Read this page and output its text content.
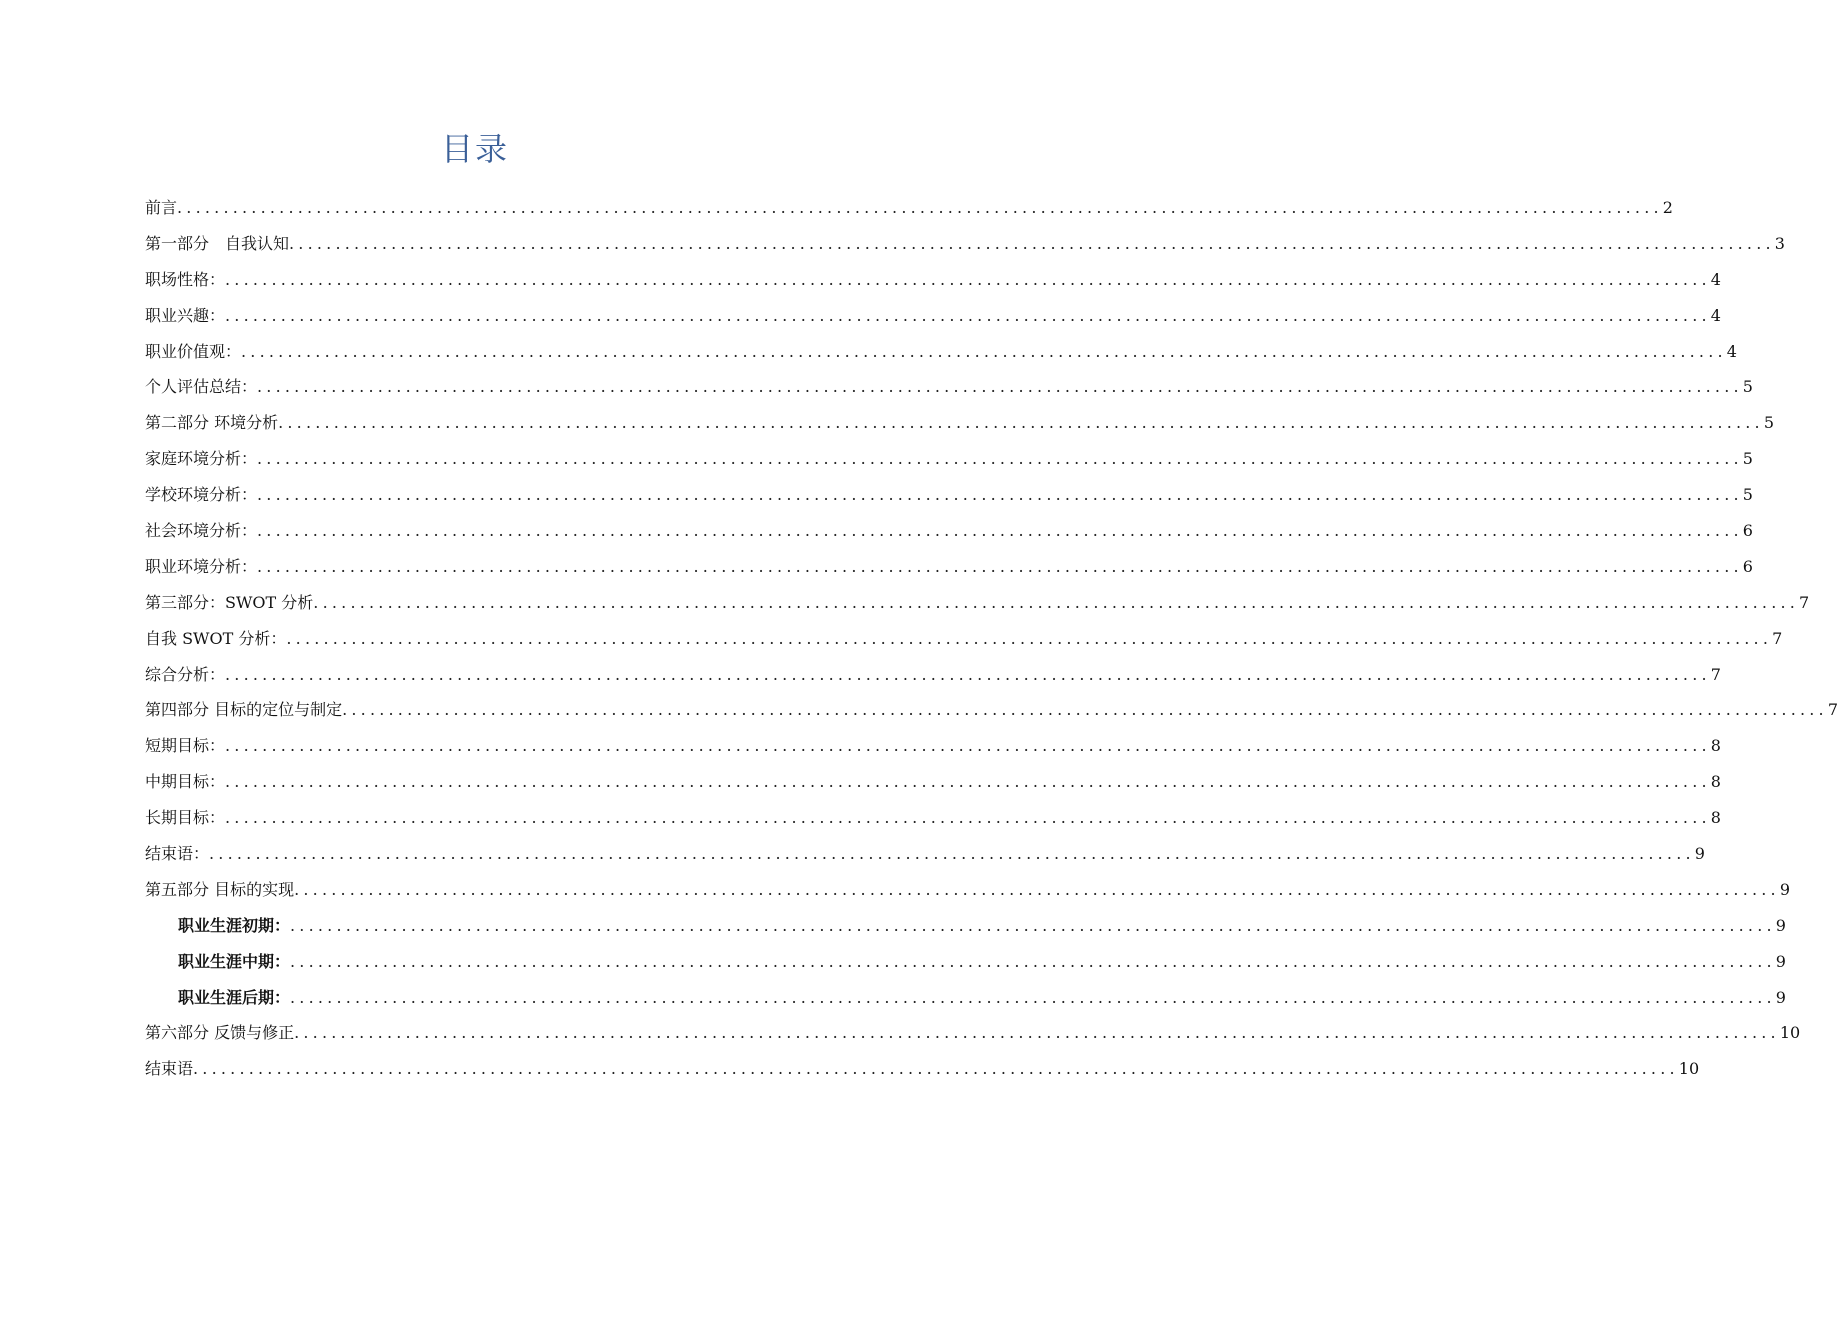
目录
前言 ................................................................................................................................................................ 2
第一部分　自我认知 ................................................................................................................................................................ 3
职场性格： ................................................................................................................................................................ 4
职业兴趣： ................................................................................................................................................................ 4
职业价值观： ................................................................................................................................................................ 4
个人评估总结： ................................................................................................................................................................ 5
第二部分 环境分析 ................................................................................................................................................................ 5
家庭环境分析： ................................................................................................................................................................ 5
学校环境分析： ................................................................................................................................................................ 5
社会环境分析： ................................................................................................................................................................ 6
职业环境分析： ................................................................................................................................................................ 6
第三部分：SWOT 分析 ................................................................................................................................................................ 7
自我 SWOT 分析： ................................................................................................................................................................ 7
综合分析： ................................................................................................................................................................ 7
第四部分 目标的定位与制定 ................................................................................................................................................................ 7
短期目标： ................................................................................................................................................................ 8
中期目标： ................................................................................................................................................................ 8
长期目标： ................................................................................................................................................................ 8
结束语： ................................................................................................................................................................ 9
第五部分 目标的实现 ................................................................................................................................................................ 9
职业生涯初期： ................................................................................................................................................................ 9
职业生涯中期： ................................................................................................................................................................ 9
职业生涯后期： ................................................................................................................................................................ 9
第六部分 反馈与修正 ................................................................................................................................................................ 10
结束语 ................................................................................................................................................................ 10
